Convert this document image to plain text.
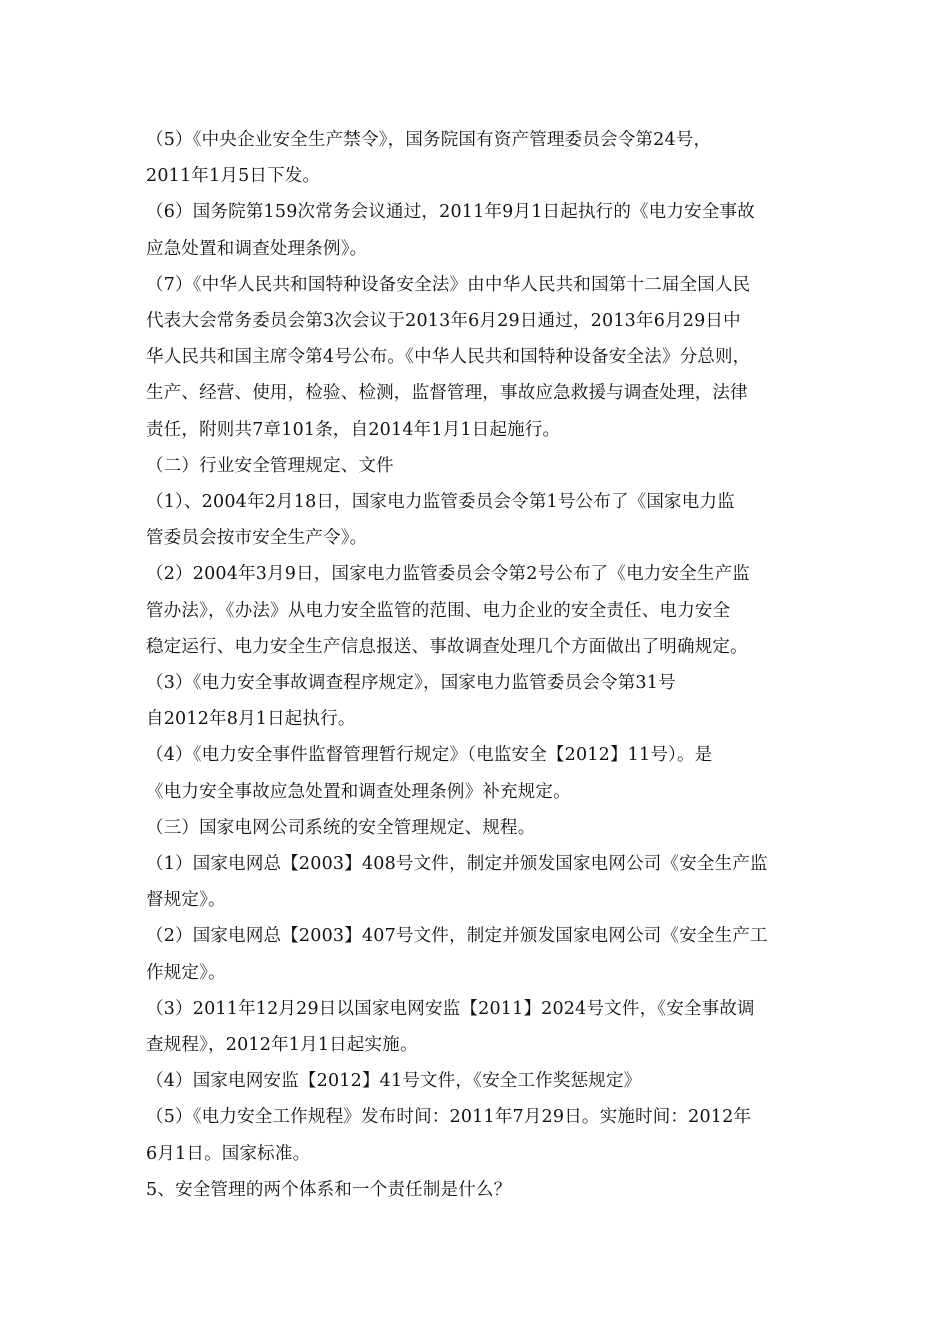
（5）《中央企业安全生产禁令》，国务院国有资产管理委员会令第24号，
2011年1月5日下发。
（6）国务院第159次常务会议通过，2011年9月1日起执行的《电力安全事故
应急处置和调查处理条例》。
（7）《中华人民共和国特种设备安全法》由中华人民共和国第十二届全国人民
代表大会常务委员会第3次会议于2013年6月29日通过，2013年6月29日中
华人民共和国主席令第4号公布。《中华人民共和国特种设备安全法》分总则，
生产、经营、使用，检验、检测，监督管理，事故应急救援与调查处理，法律
责任，附则共7章101条，自2014年1月1日起施行。
（二）行业安全管理规定、文件
（1）、2004年2月18日，国家电力监管委员会令第1号公布了《国家电力监
管委员会按市安全生产令》。
（2）2004年3月9日，国家电力监管委员会令第2号公布了《电力安全生产监
管办法》，《办法》从电力安全监管的范围、电力企业的安全责任、电力安全
稳定运行、电力安全生产信息报送、事故调查处理几个方面做出了明确规定。
（3）《电力安全事故调查程序规定》，国家电力监管委员会令第31号
自2012年8月1日起执行。
（4）《电力安全事件监督管理暂行规定》（电监安全【2012】11号）。是
《电力安全事故应急处置和调查处理条例》补充规定。
（三）国家电网公司系统的安全管理规定、规程。
（1）国家电网总【2003】408号文件，制定并颁发国家电网公司《安全生产监
督规定》。
（2）国家电网总【2003】407号文件，制定并颁发国家电网公司《安全生产工
作规定》。
（3）2011年12月29日以国家电网安监【2011】2024号文件，《安全事故调
查规程》，2012年1月1日起实施。
（4）国家电网安监【2012】41号文件，《安全工作奖惩规定》
（5）《电力安全工作规程》发布时间：2011年7月29日。实施时间：2012年
6月1日。国家标准。
5、安全管理的两个体系和一个责任制是什么？
